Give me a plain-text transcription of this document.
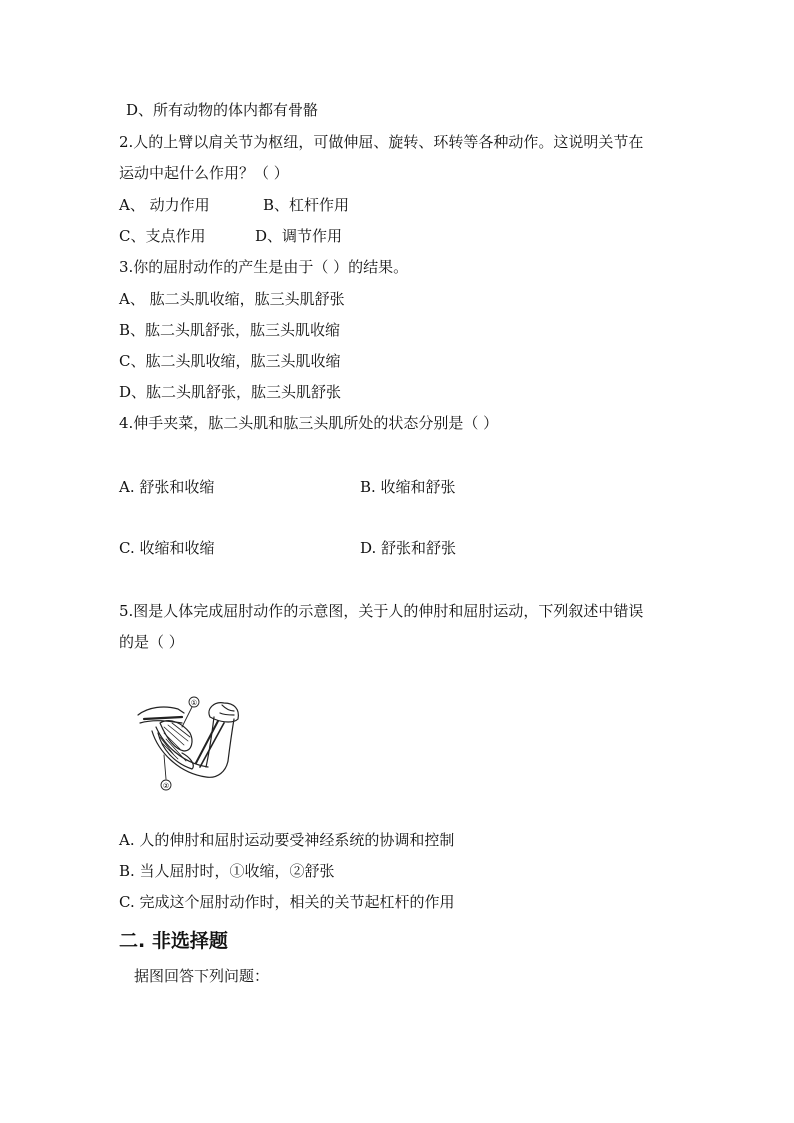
D、所有动物的体内都有骨骼
2.人的上臂以肩关节为枢纽，可做伸屈、旋转、环转等各种动作。这说明关节在
运动中起什么作用？（ ）
A、 动力作用	B、杠杆作用
C、支点作用	D、调节作用
3.你的屈肘动作的产生是由于（ ）的结果。
A、 肱二头肌收缩，肱三头肌舒张
B、肱二头肌舒张，肱三头肌收缩
C、肱二头肌收缩，肱三头肌收缩
D、肱二头肌舒张，肱三头肌舒张
4.伸手夹菜，肱二头肌和肱三头肌所处的状态分别是（ ）
A. 舒张和收缩	B. 收缩和舒张
C. 收缩和收缩	D. 舒张和舒张
5.图是人体完成屈肘动作的示意图，关于人的伸肘和屈肘运动，下列叙述中错误
的是（ ）
①
②
A. 人的伸肘和屈肘运动要受神经系统的协调和控制
B. 当人屈肘时，①收缩，②舒张
C. 完成这个屈肘动作时，相关的关节起杠杆的作用
二. 非选择题
据图回答下列问题：
